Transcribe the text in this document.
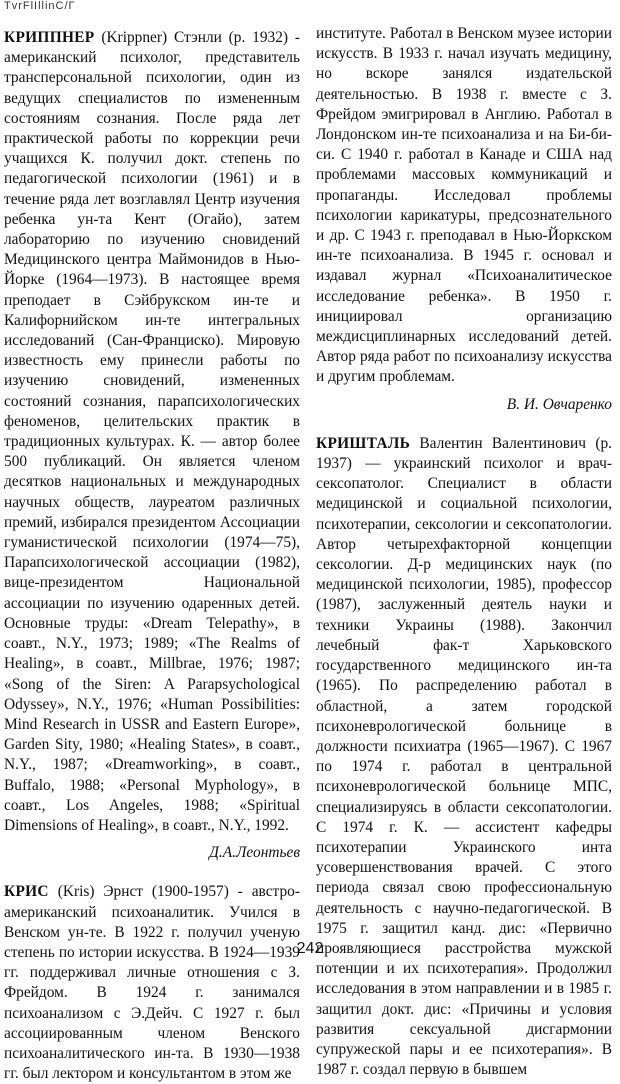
TvrFlIllinC/Г

КРИППНЕР (Krippner) Стэнли (р. 1932) - американский психолог, представитель трансперсональной психологии, один из ведущих специалистов по измененным состояниям сознания. После ряда лет практической работы по коррекции речи учащихся К. получил докт. степень по педагогической психологии (1961) и в течение ряда лет возглавлял Центр изучения ребенка ун-та Кент (Огайо), затем лабораторию по изучению сновидений Медицинского центра Маймонидов в Нью-Йорке (1964—1973). В настоящее время преподает в Сэйбрукском ин-те и Калифорнийском ин-те интегральных исследований (Сан-Франциско). Мировую известность ему принесли работы по изучению сновидений, измененных состояний сознания, парапсихологических феноменов, целительских практик в традиционных культурах. К. — автор более 500 публикаций. Он является членом десятков национальных и международных научных обществ, лауреатом различных премий, избирался президентом Ассоциации гуманистической психологии (1974—75), Парапсихологической ассоциации (1982), вице-президентом Национальной ассоциации по изучению одаренных детей. Основные труды: «Dream Telepathy», в соавт., N.Y., 1973; 1989; «The Realms of Healing», в соавт., Millbrae, 1976; 1987; «Song of the Siren: A Parapsychological Odyssey», N.Y., 1976; «Human Possibilities: Mind Research in USSR and Eastern Europe», Garden Sity, 1980; «Healing States», в соавт., N.Y., 1987; «Dreamworking», в соавт., Buffalo, 1988; «Personal Myphology», в соавт., Los Angeles, 1988; «Spiritual Dimensions of Healing», в соавт., N.Y., 1992.

Д.А.Леонтьев

КРИС (Kris) Эрнст (1900-1957) - австро-американский психоаналитик. Учился в Венском ун-те. В 1922 г. получил ученую степень по истории искусства. В 1924—1939 гг. поддерживал личные отношения с З. Фрейдом. В 1924 г. занимался психоанализом с Э.Дейч. С 1927 г. был ассоциированным членом Венского психоаналитического ин-та. В 1930—1938 гг. был лектором и консультантом в этом же

институте. Работал в Венском музее истории искусств. В 1933 г. начал изучать медицину, но вскоре занялся издательской деятельностью. В 1938 г. вместе с З. Фрейдом эмигрировал в Англию. Работал в Лондонском ин-те психоанализа и на Би-би-си. С 1940 г. работал в Канаде и США над проблемами массовых коммуникаций и пропаганды. Исследовал проблемы психологии карикатуры, предсознательного и др. С 1943 г. преподавал в Нью-Йоркском ин-те психоанализа. В 1945 г. основал и издавал журнал «Психоаналитическое исследование ребенка». В 1950 г. инициировал организацию междисциплинарных исследований детей. Автор ряда работ по психоанализу искусства и другим проблемам.

В. И. Овчаренко

КРИШТАЛЬ Валентин Валентинович (р. 1937) — украинский психолог и врач-сексопатолог. Специалист в области медицинской и социальной психологии, психотерапии, сексологии и сексопатологии. Автор четырехфакторной концепции сексологии. Д-р медицинских наук (по медицинской психологии, 1985), профессор (1987), заслуженный деятель науки и техники Украины (1988). Закончил лечебный фак-т Харьковского государственного медицинского ин-та (1965). По распределению работал в областной, а затем городской психоневрологической больнице в должности психиатра (1965—1967). С 1967 по 1974 г. работал в центральной психоневрологической больнице МПС, специализируясь в области сексопатологии. С 1974 г. К. — ассистент кафедры психотерапии Украинского инта усовершенствования врачей. С этого периода связал свою профессиональную деятельность с научно-педагогической. В 1975 г. защитил канд. дис: «Первично проявляющиеся расстройства мужской потенции и их психотерапия». Продолжил исследования в этом направлении и в 1985 г. защитил докт. дис: «Причины и условия развития сексуальной дисгармонии супружеской пары и ее психотерапия». В 1987 г. создал первую в бывшем

242
